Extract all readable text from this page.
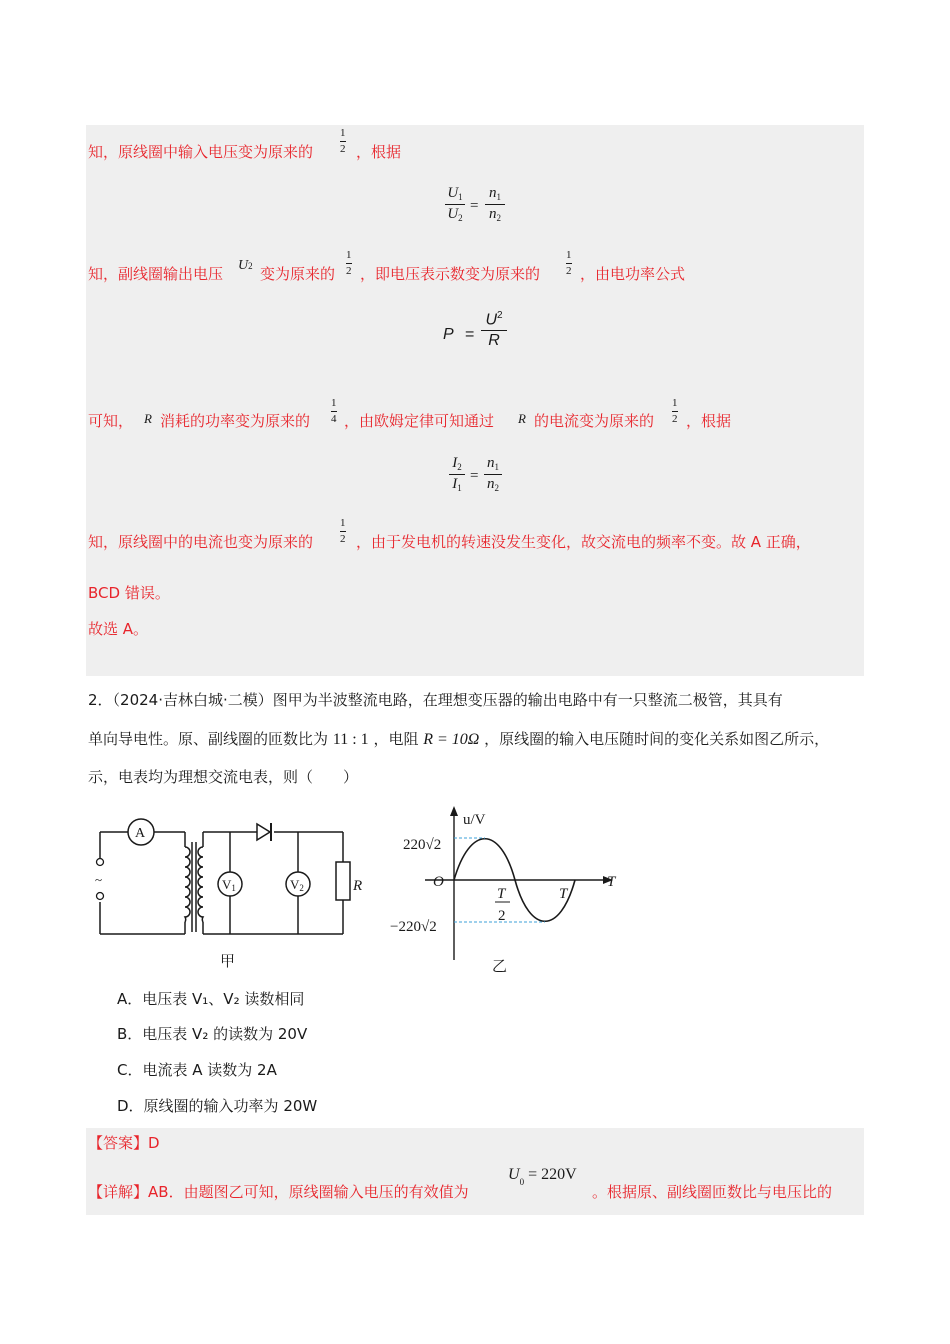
知，原线圈中输入电压变为原来的
1
2 ，根据
$U_1$
$U_2$
=
$n_1$
$n_2$
知，副线圈输出电压 U2 变为原来的
1
2 ，即电压表示数变为原来的
1
2 ，由电功率公式
P =
$U^2$
R
可知， R 消耗的功率变为原来的
1
4 ，由欧姆定律可知通过 R 的电流变为原来的
1
2 ，根据
$I_2$
$I_1$
=
$n_1$
$n_2$
知，原线圈中的电流也变为原来的
1
2 ，由于发电机的转速没发生变化，故交流电的频率不变。故 A 正确，
BCD 错误。
故选 A。
2．（2024·吉林白城·二模）图甲为半波整流电路，在理想变压器的输出电路中有一只整流二极管，其具有
单向导电性。原、副线圈的匝数比为 11 : 1 ，电阻 R = 10Ω ，原线圈的输入电压随时间的变化关系如图乙所示，
示，电表均为理想交流电表，则（　　）
~
A
V1	V2	R
甲
u/V
220√2
O
−220√2
T
2
T
T
乙
A．电压表 V₁、V₂ 读数相同
B．电压表 V₂ 的读数为 20V
C．电流表 A 读数为 2A
D．原线圈的输入功率为 20W
【答案】D
【详解】AB．由题图乙可知，原线圈输入电压的有效值为
$U_0 = 220V$
。根据原、副线圈匝数比与电压比的
